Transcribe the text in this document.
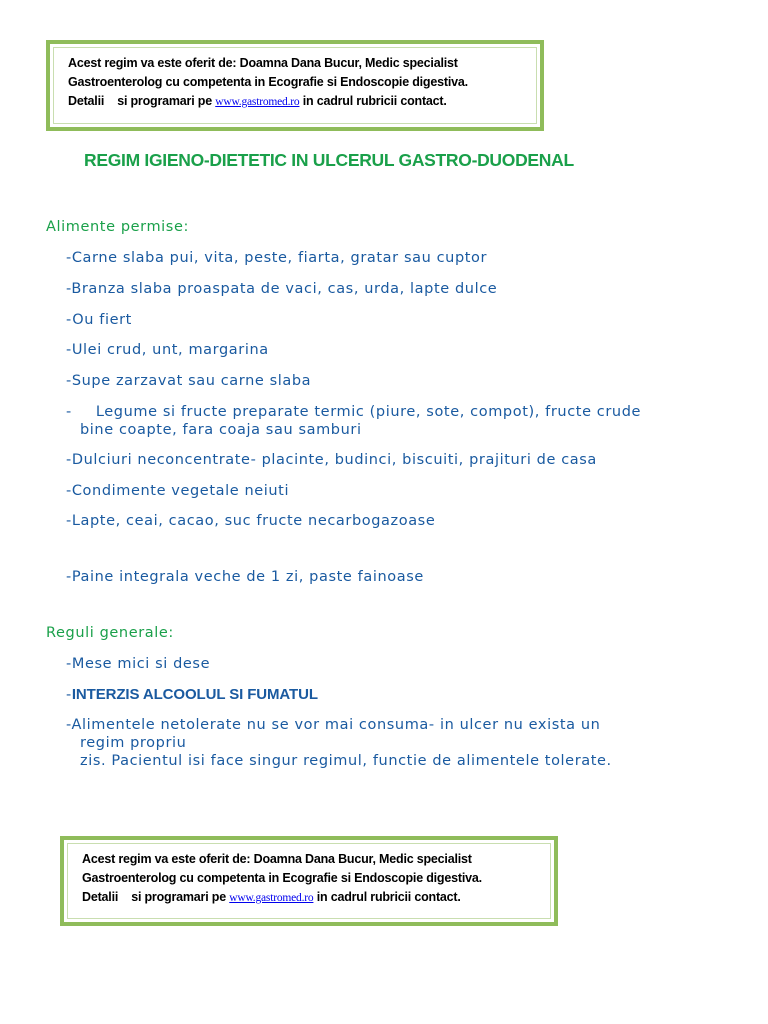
Acest regim va este oferit de: Doamna Dana Bucur, Medic specialist
Gastroenterolog cu competenta in Ecografie si Endoscopie digestiva.
Detalii    si programari pe www.gastromed.ro in cadrul rubricii contact.
REGIM IGIENO-DIETETIC IN ULCERUL GASTRO-DUODENAL
Alimente permise:
-Carne slaba pui, vita, peste, fiarta, gratar sau cuptor
-Branza slaba proaspata de vaci, cas, urda, lapte dulce
-Ou fiert
-Ulei crud, unt, margarina
-Supe zarzavat sau carne slaba
- Legume si fructe preparate termic (piure, sote, compot), fructe crude
bine coapte, fara coaja sau samburi
-Dulciuri neconcentrate- placinte, budinci, biscuiti, prajituri de casa
-Condimente vegetale neiuti
-Lapte, ceai, cacao, suc fructe necarbogazoase
-Paine integrala veche de 1 zi, paste fainoase
Reguli generale:
-Mese mici si dese
-INTERZIS ALCOOLUL SI FUMATUL
-Alimentele netolerate nu se vor mai consuma- in ulcer nu exista un
regim propriu
zis. Pacientul isi face singur regimul, functie de alimentele tolerate.
Acest regim va este oferit de: Doamna Dana Bucur, Medic specialist
Gastroenterolog cu competenta in Ecografie si Endoscopie digestiva.
Detalii    si programari pe www.gastromed.ro in cadrul rubricii contact.
